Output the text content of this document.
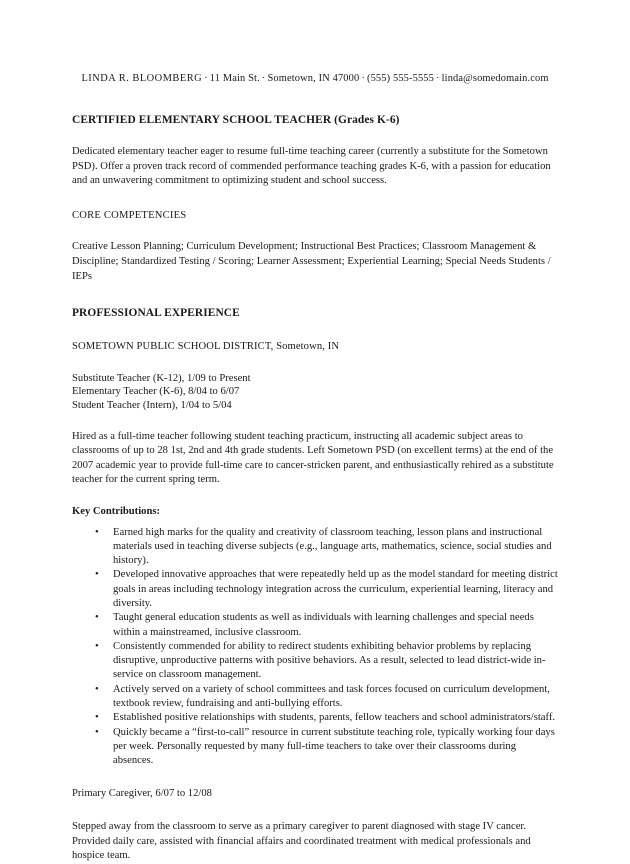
LINDA R. BLOOMBERG · 11 Main St. · Sometown, IN 47000 · (555) 555-5555 · linda@somedomain.com
CERTIFIED ELEMENTARY SCHOOL TEACHER (Grades K-6)
Dedicated elementary teacher eager to resume full-time teaching career (currently a substitute for the Sometown PSD). Offer a proven track record of commended performance teaching grades K-6, with a passion for education and an unwavering commitment to optimizing student and school success.
CORE COMPETENCIES
Creative Lesson Planning; Curriculum Development; Instructional Best Practices; Classroom Management & Discipline; Standardized Testing / Scoring; Learner Assessment; Experiential Learning; Special Needs Students / IEPs
PROFESSIONAL EXPERIENCE
SOMETOWN PUBLIC SCHOOL DISTRICT, Sometown, IN
Substitute Teacher (K-12), 1/09 to Present
Elementary Teacher (K-6), 8/04 to 6/07
Student Teacher (Intern), 1/04 to 5/04
Hired as a full-time teacher following student teaching practicum, instructing all academic subject areas to classrooms of up to 28 1st, 2nd and 4th grade students. Left Sometown PSD (on excellent terms) at the end of the 2007 academic year to provide full-time care to cancer-stricken parent, and enthusiastically rehired as a substitute teacher for the current spring term.
Key Contributions:
• Earned high marks for the quality and creativity of classroom teaching, lesson plans and instructional materials used in teaching diverse subjects (e.g., language arts, mathematics, science, social studies and history).
• Developed innovative approaches that were repeatedly held up as the model standard for meeting district goals in areas including technology integration across the curriculum, experiential learning, literacy and diversity.
• Taught general education students as well as individuals with learning challenges and special needs within a mainstreamed, inclusive classroom.
• Consistently commended for ability to redirect students exhibiting behavior problems by replacing disruptive, unproductive patterns with positive behaviors. As a result, selected to lead district-wide in-service on classroom management.
• Actively served on a variety of school committees and task forces focused on curriculum development, textbook review, fundraising and anti-bullying efforts.
• Established positive relationships with students, parents, fellow teachers and school administrators/staff.
• Quickly became a “first-to-call” resource in current substitute teaching role, typically working four days per week. Personally requested by many full-time teachers to take over their classrooms during absences.
Primary Caregiver, 6/07 to 12/08
Stepped away from the classroom to serve as a primary caregiver to parent diagnosed with stage IV cancer. Provided daily care, assisted with financial affairs and coordinated treatment with medical professionals and hospice team.
